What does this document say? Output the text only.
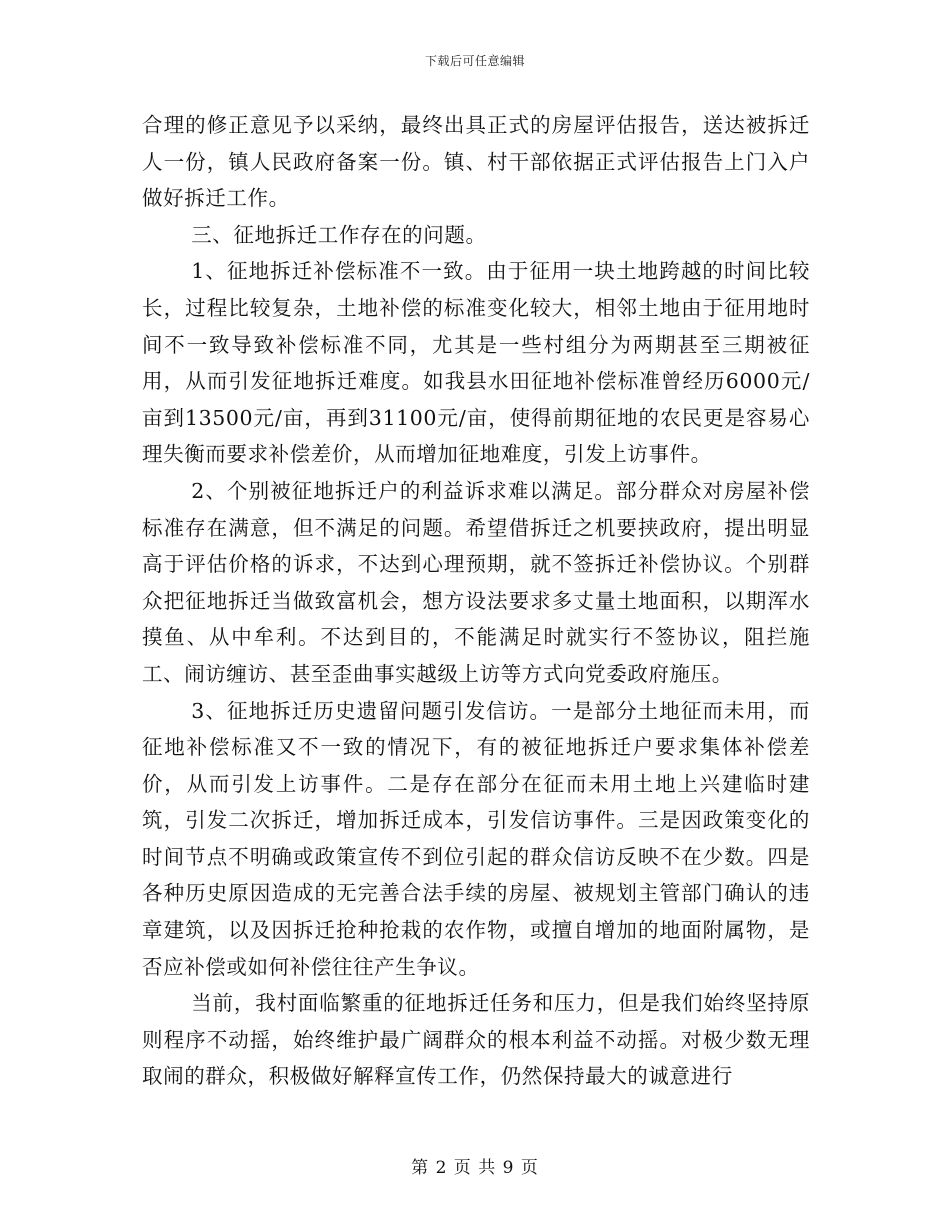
下载后可任意编辑

合理的修正意见予以采纳，最终出具正式的房屋评估报告，送达被拆迁人一份，镇人民政府备案一份。镇、村干部依据正式评估报告上门入户做好拆迁工作。

三、征地拆迁工作存在的问题。

1、征地拆迁补偿标准不一致。由于征用一块土地跨越的时间比较长，过程比较复杂，土地补偿的标准变化较大，相邻土地由于征用地时间不一致导致补偿标准不同，尤其是一些村组分为两期甚至三期被征用，从而引发征地拆迁难度。如我县水田征地补偿标准曾经历6000元/亩到13500元/亩，再到31100元/亩，使得前期征地的农民更是容易心理失衡而要求补偿差价，从而增加征地难度，引发上访事件。

2、个别被征地拆迁户的利益诉求难以满足。部分群众对房屋补偿标准存在满意，但不满足的问题。希望借拆迁之机要挟政府，提出明显高于评估价格的诉求，不达到心理预期，就不签拆迁补偿协议。个别群众把征地拆迁当做致富机会，想方设法要求多丈量土地面积，以期浑水摸鱼、从中牟利。不达到目的，不能满足时就实行不签协议，阻拦施工、闹访缠访、甚至歪曲事实越级上访等方式向党委政府施压。

3、征地拆迁历史遗留问题引发信访。一是部分土地征而未用，而征地补偿标准又不一致的情况下，有的被征地拆迁户要求集体补偿差价，从而引发上访事件。二是存在部分在征而未用土地上兴建临时建筑，引发二次拆迁，增加拆迁成本，引发信访事件。三是因政策变化的时间节点不明确或政策宣传不到位引起的群众信访反映不在少数。四是各种历史原因造成的无完善合法手续的房屋、被规划主管部门确认的违章建筑，以及因拆迁抢种抢栽的农作物，或擅自增加的地面附属物，是否应补偿或如何补偿往往产生争议。

当前，我村面临繁重的征地拆迁任务和压力，但是我们始终坚持原则程序不动摇，始终维护最广阔群众的根本利益不动摇。对极少数无理取闹的群众，积极做好解释宣传工作，仍然保持最大的诚意进行

第 2 页 共 9 页
